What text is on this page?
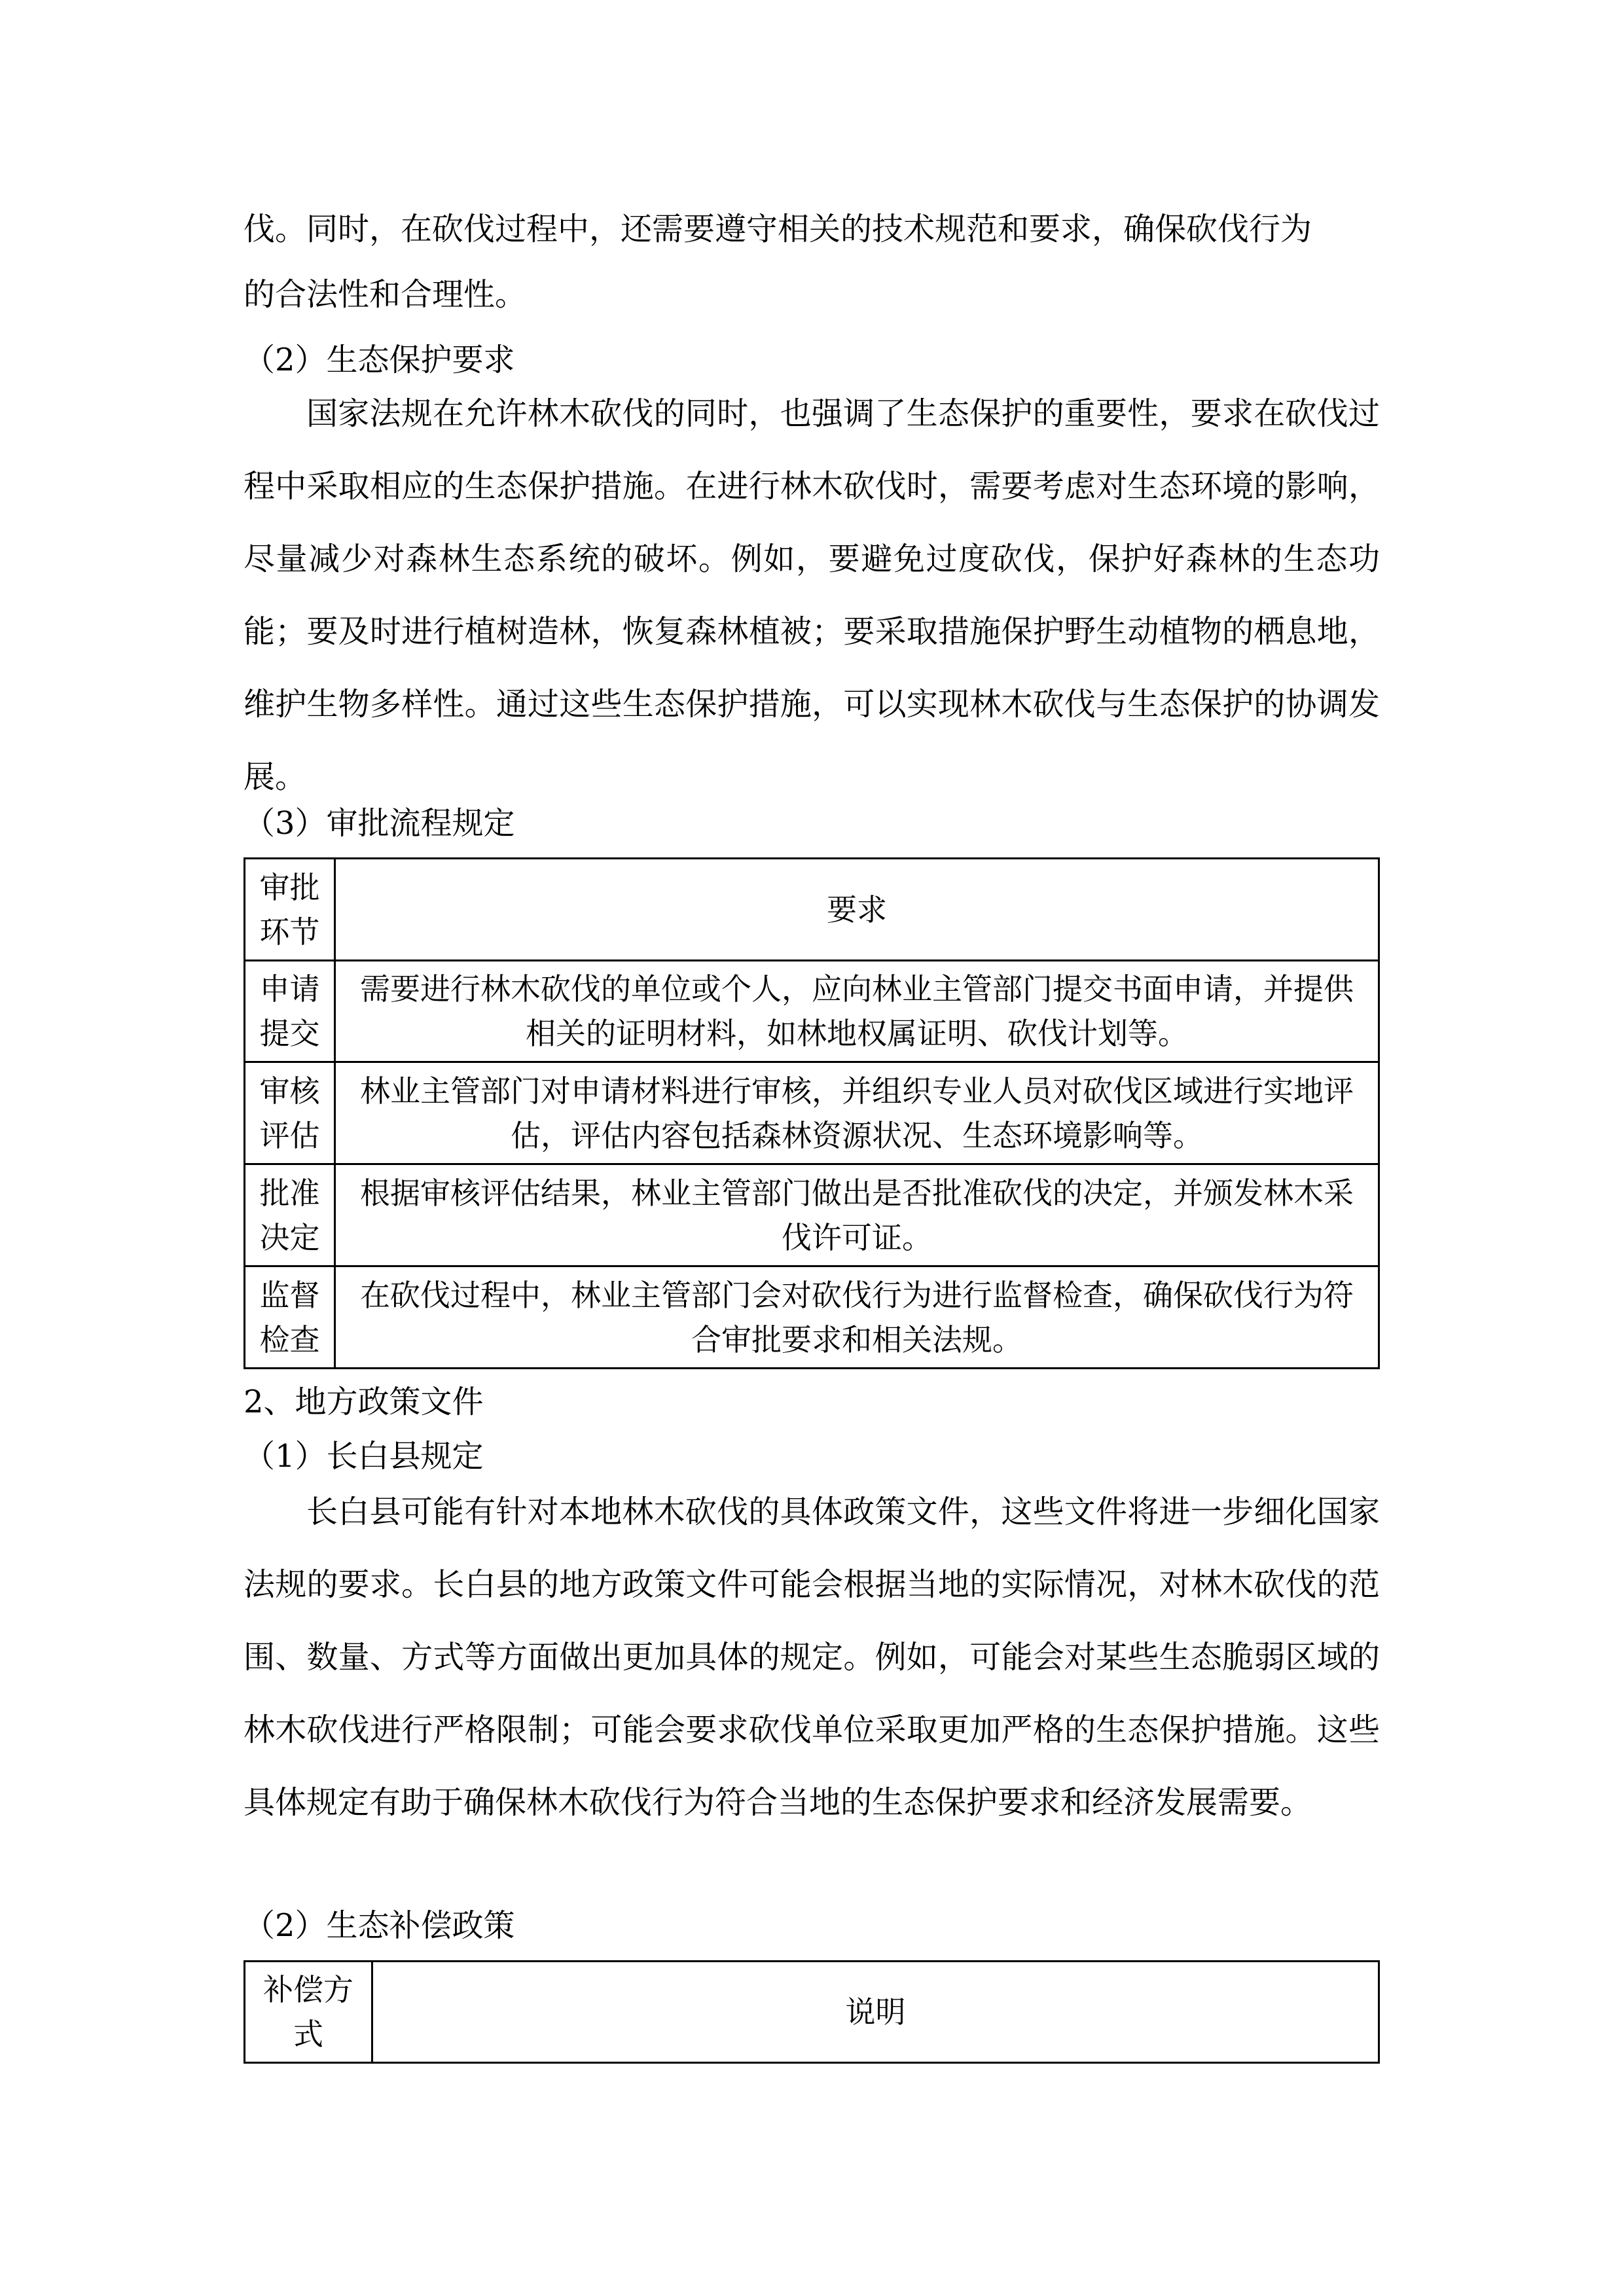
伐。同时，在砍伐过程中，还需要遵守相关的技术规范和要求，确保砍伐行为
的合法性和合理性。
（2）生态保护要求
国家法规在允许林木砍伐的同时，也强调了生态保护的重要性，要求在砍伐过程中采取相应的生态保护措施。在进行林木砍伐时，需要考虑对生态环境的影响，尽量减少对森林生态系统的破坏。例如，要避免过度砍伐，保护好森林的生态功能；要及时进行植树造林，恢复森林植被；要采取措施保护野生动植物的栖息地，维护生物多样性。通过这些生态保护措施，可以实现林木砍伐与生态保护的协调发展。
（3）审批流程规定
审批环节	要求
申请提交	需要进行林木砍伐的单位或个人，应向林业主管部门提交书面申请，并提供相关的证明材料，如林地权属证明、砍伐计划等。
审核评估	林业主管部门对申请材料进行审核，并组织专业人员对砍伐区域进行实地评估，评估内容包括森林资源状况、生态环境影响等。
批准决定	根据审核评估结果，林业主管部门做出是否批准砍伐的决定，并颁发林木采伐许可证。
监督检查	在砍伐过程中，林业主管部门会对砍伐行为进行监督检查，确保砍伐行为符合审批要求和相关法规。
2、地方政策文件
（1）长白县规定
长白县可能有针对本地林木砍伐的具体政策文件，这些文件将进一步细化国家法规的要求。长白县的地方政策文件可能会根据当地的实际情况，对林木砍伐的范围、数量、方式等方面做出更加具体的规定。例如，可能会对某些生态脆弱区域的林木砍伐进行严格限制；可能会要求砍伐单位采取更加严格的生态保护措施。这些具体规定有助于确保林木砍伐行为符合当地的生态保护要求和经济发展需要。
（2）生态补偿政策
补偿方式	说明
